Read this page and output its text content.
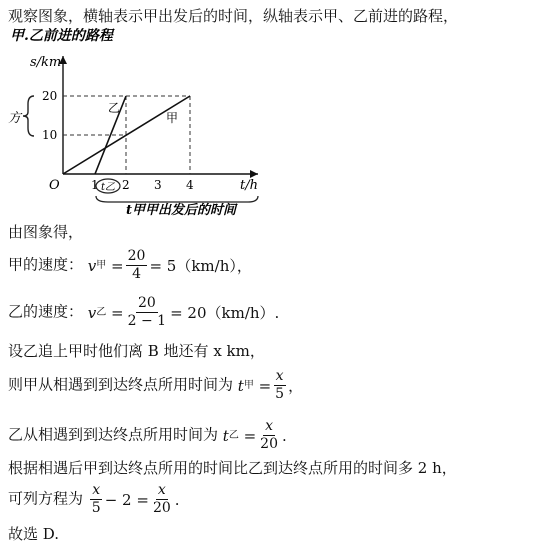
观察图象，横轴表示甲出发后的时间，纵轴表示甲、乙前进的路程，
甲.乙前进的路程
s/km
t/h
O
20
10
1 2 3 4
甲
乙
方
t乙
t甲甲出发后的时间
由图象得，
甲的速度： v 甲 = $\frac{20}{4} = 5(km/h)$，
乙的速度： v 乙 = $\frac{20}{2 - 1} = 20(km/h)$.
设乙追上甲时他们离 B 地还有 x km，
则甲从相遇到到达终点所用时间为 t 甲 = $\frac{x}{5}$ ，
乙从相遇到到达终点所用时间为 t 乙 = $\frac{x}{20}$ .
根据相遇后甲到达终点所用的时间比乙到达终点所用的时间多 2 h，
可列方程为 $\frac{x}{5} - 2 = \frac{x}{20}$ .
故选 D.
